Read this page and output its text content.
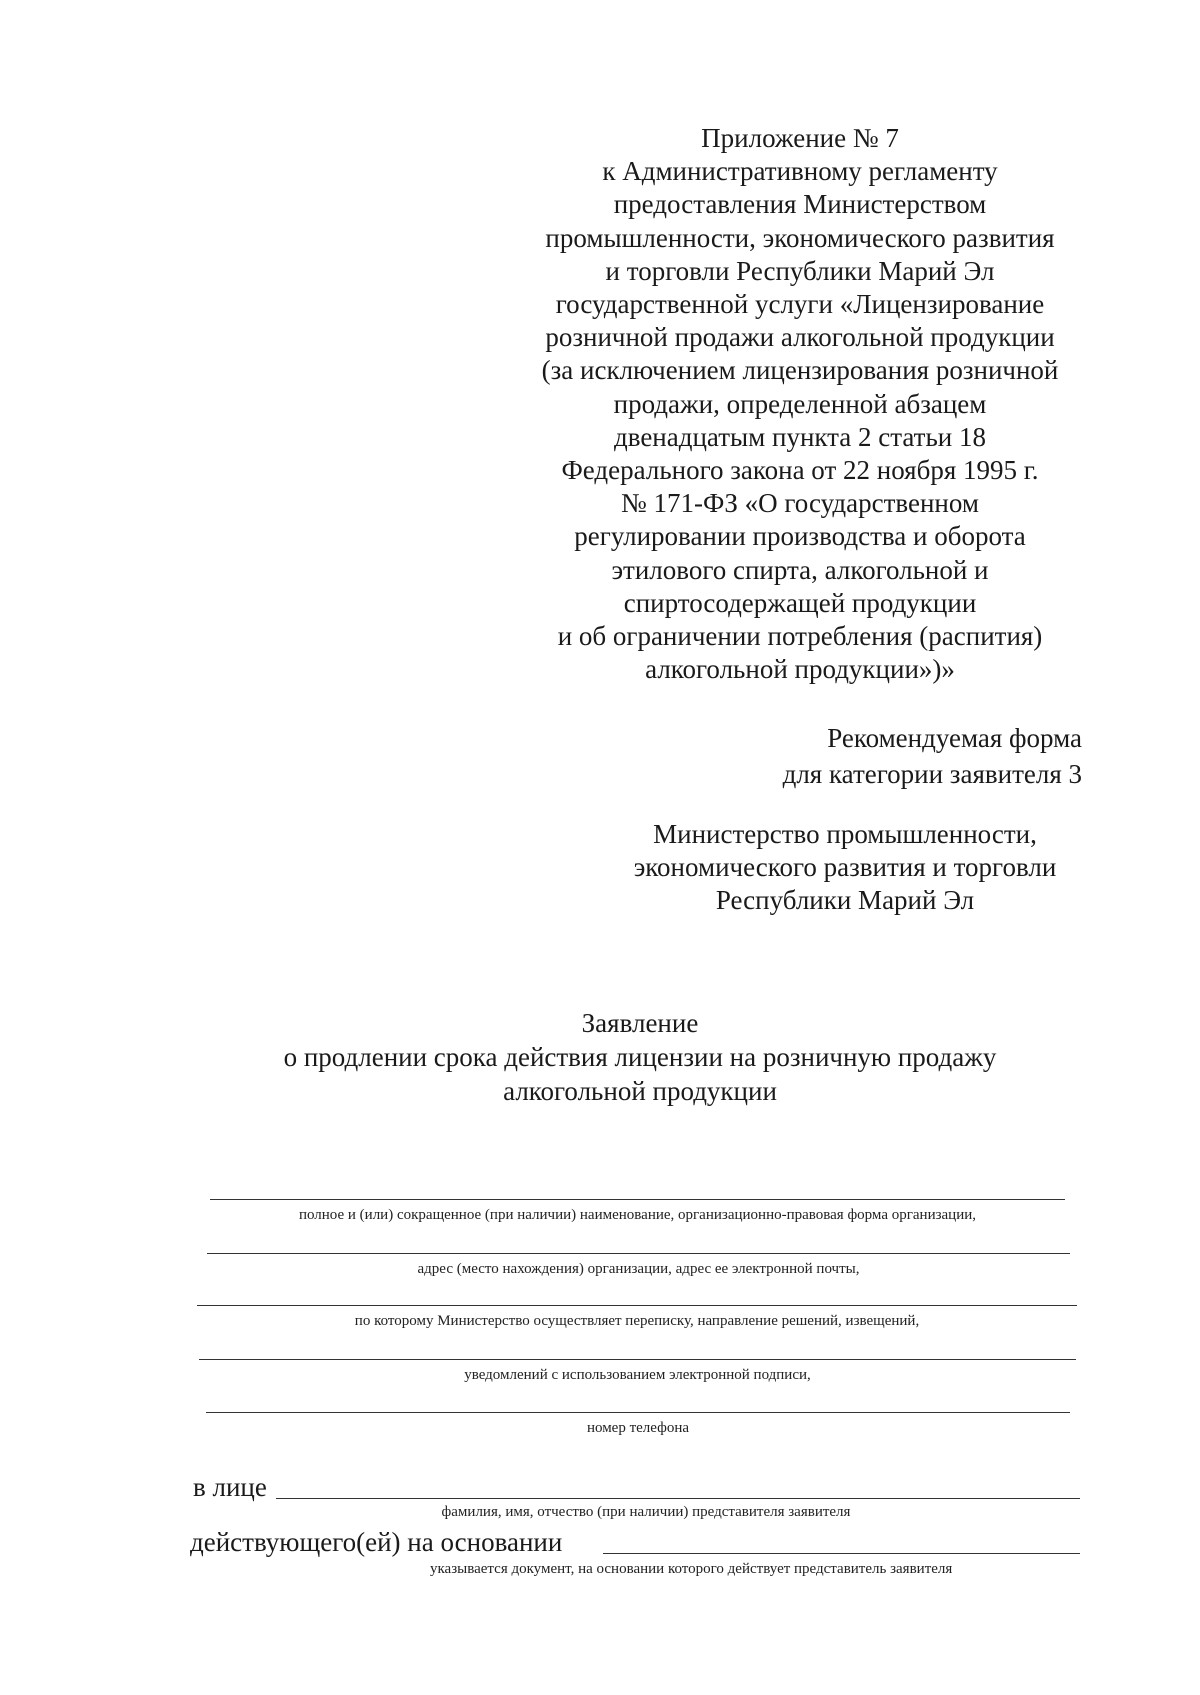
Приложение № 7
к Административному регламенту
предоставления Министерством
промышленности, экономического развития
и торговли Республики Марий Эл
государственной услуги «Лицензирование
розничной продажи алкогольной продукции
(за исключением лицензирования розничной
продажи, определенной абзацем
двенадцатым пункта 2 статьи 18
Федерального закона от 22 ноября 1995 г.
№ 171-ФЗ «О государственном
регулировании производства и оборота
этилового спирта, алкогольной и
спиртосодержащей продукции
и об ограничении потребления (распития)
алкогольной продукции»)»
Рекомендуемая форма
для категории заявителя 3
Министерство промышленности,
экономического развития и торговли
Республики Марий Эл
Заявление
о продлении срока действия лицензии на розничную продажу
алкогольной продукции
полное и (или) сокращенное (при наличии) наименование, организационно-правовая форма организации,
адрес (место нахождения) организации, адрес ее электронной почты,
по которому Министерство осуществляет переписку, направление решений, извещений,
уведомлений с использованием электронной подписи,
номер телефона
в лице
фамилия, имя, отчество (при наличии) представителя заявителя
действующего(ей) на основании
указывается документ, на основании которого действует представитель заявителя
